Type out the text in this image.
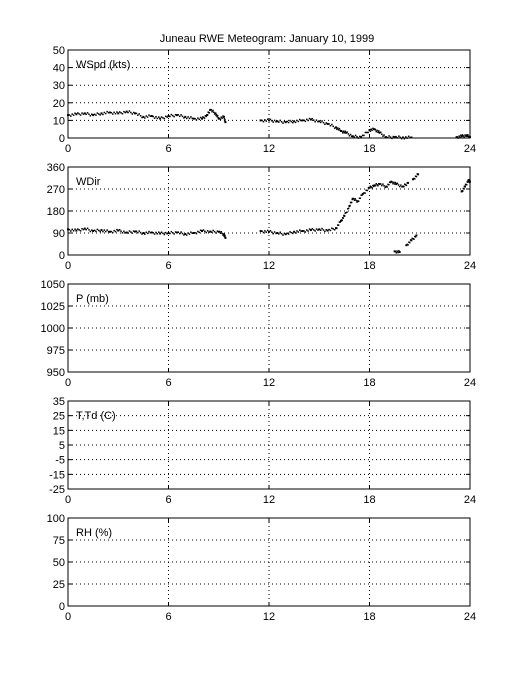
Juneau RWE Meteogram: January 10, 1999
0
10
20
30
40
50
0	6	12	18	24
WSpd (kts)
0
90
180
270
360
0	6	12	18	24
WDir
950
975
1000
1025
1050
0	6	12	18	24
P (mb)
-25
-15
-5
5
15
25
35
0	6	12	18	24
T,Td (C)
0
25
50
75
100
0	6	12	18	24
RH (%)
